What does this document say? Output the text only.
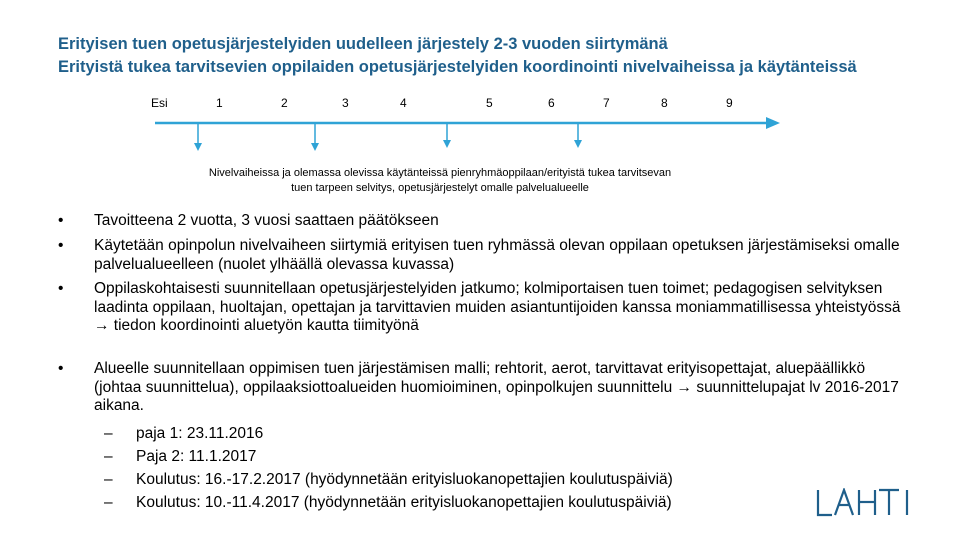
Erityisen tuen opetusjärjestelyiden uudelleen järjestely 2-3 vuoden siirtymänä
Erityistä tukea tarvitsevien oppilaiden opetusjärjestelyiden koordinointi nivelvaiheissa ja käytänteissä
Esi	1	2	3	4	5	6	7	8	9
Nivelvaiheissa ja olemassa olevissa käytänteissä pienryhmäoppilaan/erityistä tukea tarvitsevan
tuen tarpeen selvitys, opetusjärjestelyt omalle palvelualueelle
• Tavoitteena 2 vuotta, 3 vuosi saattaen päätökseen
• Käytetään opinpolun nivelvaiheen siirtymiä erityisen tuen ryhmässä olevan oppilaan opetuksen järjestämiseksi omalle palvelualueelleen (nuolet ylhäällä olevassa kuvassa)
• Oppilaskohtaisesti suunnitellaan opetusjärjestelyiden jatkumo; kolmiportaisen tuen toimet; pedagogisen selvityksen laadinta oppilaan, huoltajan, opettajan ja tarvittavien muiden asiantuntijoiden kanssa moniammatillisessa yhteistyössä → tiedon koordinointi aluetyön kautta tiimityönä
• Alueelle suunnitellaan oppimisen tuen järjestämisen malli; rehtorit, aerot, tarvittavat erityisopettajat, aluepäällikkö (johtaa suunnittelua), oppilaaksiottoalueiden huomioiminen, opinpolkujen suunnittelu → suunnittelupajat lv 2016-2017 aikana.
– paja 1: 23.11.2016
– Paja 2: 11.1.2017
– Koulutus: 16.-17.2.2017 (hyödynnetään erityisluokanopettajien koulutuspäiviä)
– Koulutus: 10.-11.4.2017 (hyödynnetään erityisluokanopettajien koulutuspäiviä)
